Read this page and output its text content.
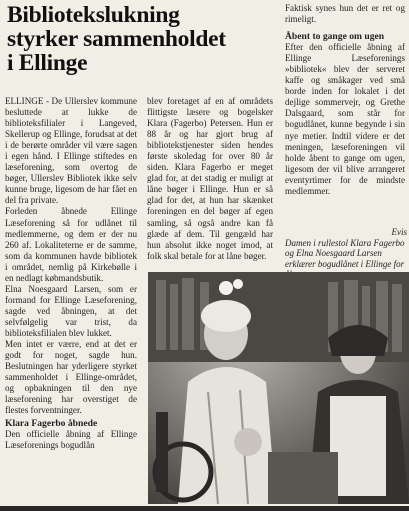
Bibliotekslukning
styrker sammenholdet
i Ellinge

ELLINGE - De Ullerslev kommune besluttede at lukke de biblioteksfilialer i Langeved, Skellerup og Ellinge, forudsat at det i de berørte områder vil være sagen i egen hånd. I Ellinge stiftedes en læseforening, som overtog de bøger, Ullerslev Bibliotek ikke selv kunne bruge, ligesom de har fået en del fra private.

Forleden åbnede Ellinge Læseforening så for udlånet til medlemmerne, og dem er der nu 260 af. Lokaliteterne er de samme, som da kommunen havde bibliotek i området, nemlig på Kirkebølle i en nedlagt købmandsbutik.

Elna Noesgaard Larsen, som er formand for Ellinge Læseforening, sagde ved åbningen, at det selvfølgelig var trist, da biblioteksfilialen blev lukket.

Men intet er værre, end at det er godt for noget, sagde hun. Beslutningen har yderligere styrket sammenholdet i Ellinge-området, og opbakningen til den nye læseforening har overstiget de flestes forventninger.

Klara Fagerbo åbnede

Den officielle åbning af Ellinge Læseforenings bogudlån

blev foretaget af en af områdets flittigste læsere og bogelsker Klara (Fagerbo) Petersen. Hun er 88 år og har gjort brug af bibliotekstjenester siden hendes første skoledag for over 80 år siden. Klara Fagerbo er meget glad for, at det stadig er muligt at låne bøger i Ellinge. Hun er så glad for det, at hun har skænket foreningen en del bøger af egen samling, så også andre kan få glæde af dem. Til gengæld har hun absolut ikke noget imod, at folk skal betale for at låne bøger.

Faktisk synes hun det er ret og rimeligt.

Åbent to gange om ugen

Efter den officielle åbning af Ellinge Læseforenings »bibliotek« blev der serveret kaffe og småkager ved små borde inden for lokalet i det dejlige sommervejr, og Grethe Dalsgaard, som står for bogudlånet, kunne begynde i sin nye metier. Indtil videre er det meningen, læseforeningen vil holde åbent to gange om ugen, ligesom der vil blive arrangeret eventyrtimer for de mindste medlemmer.

Evis
Damen i rullestol Klara Fagerbo og Elna Noesgaard Larsen erklærer bogudlånet i Ellinge for
